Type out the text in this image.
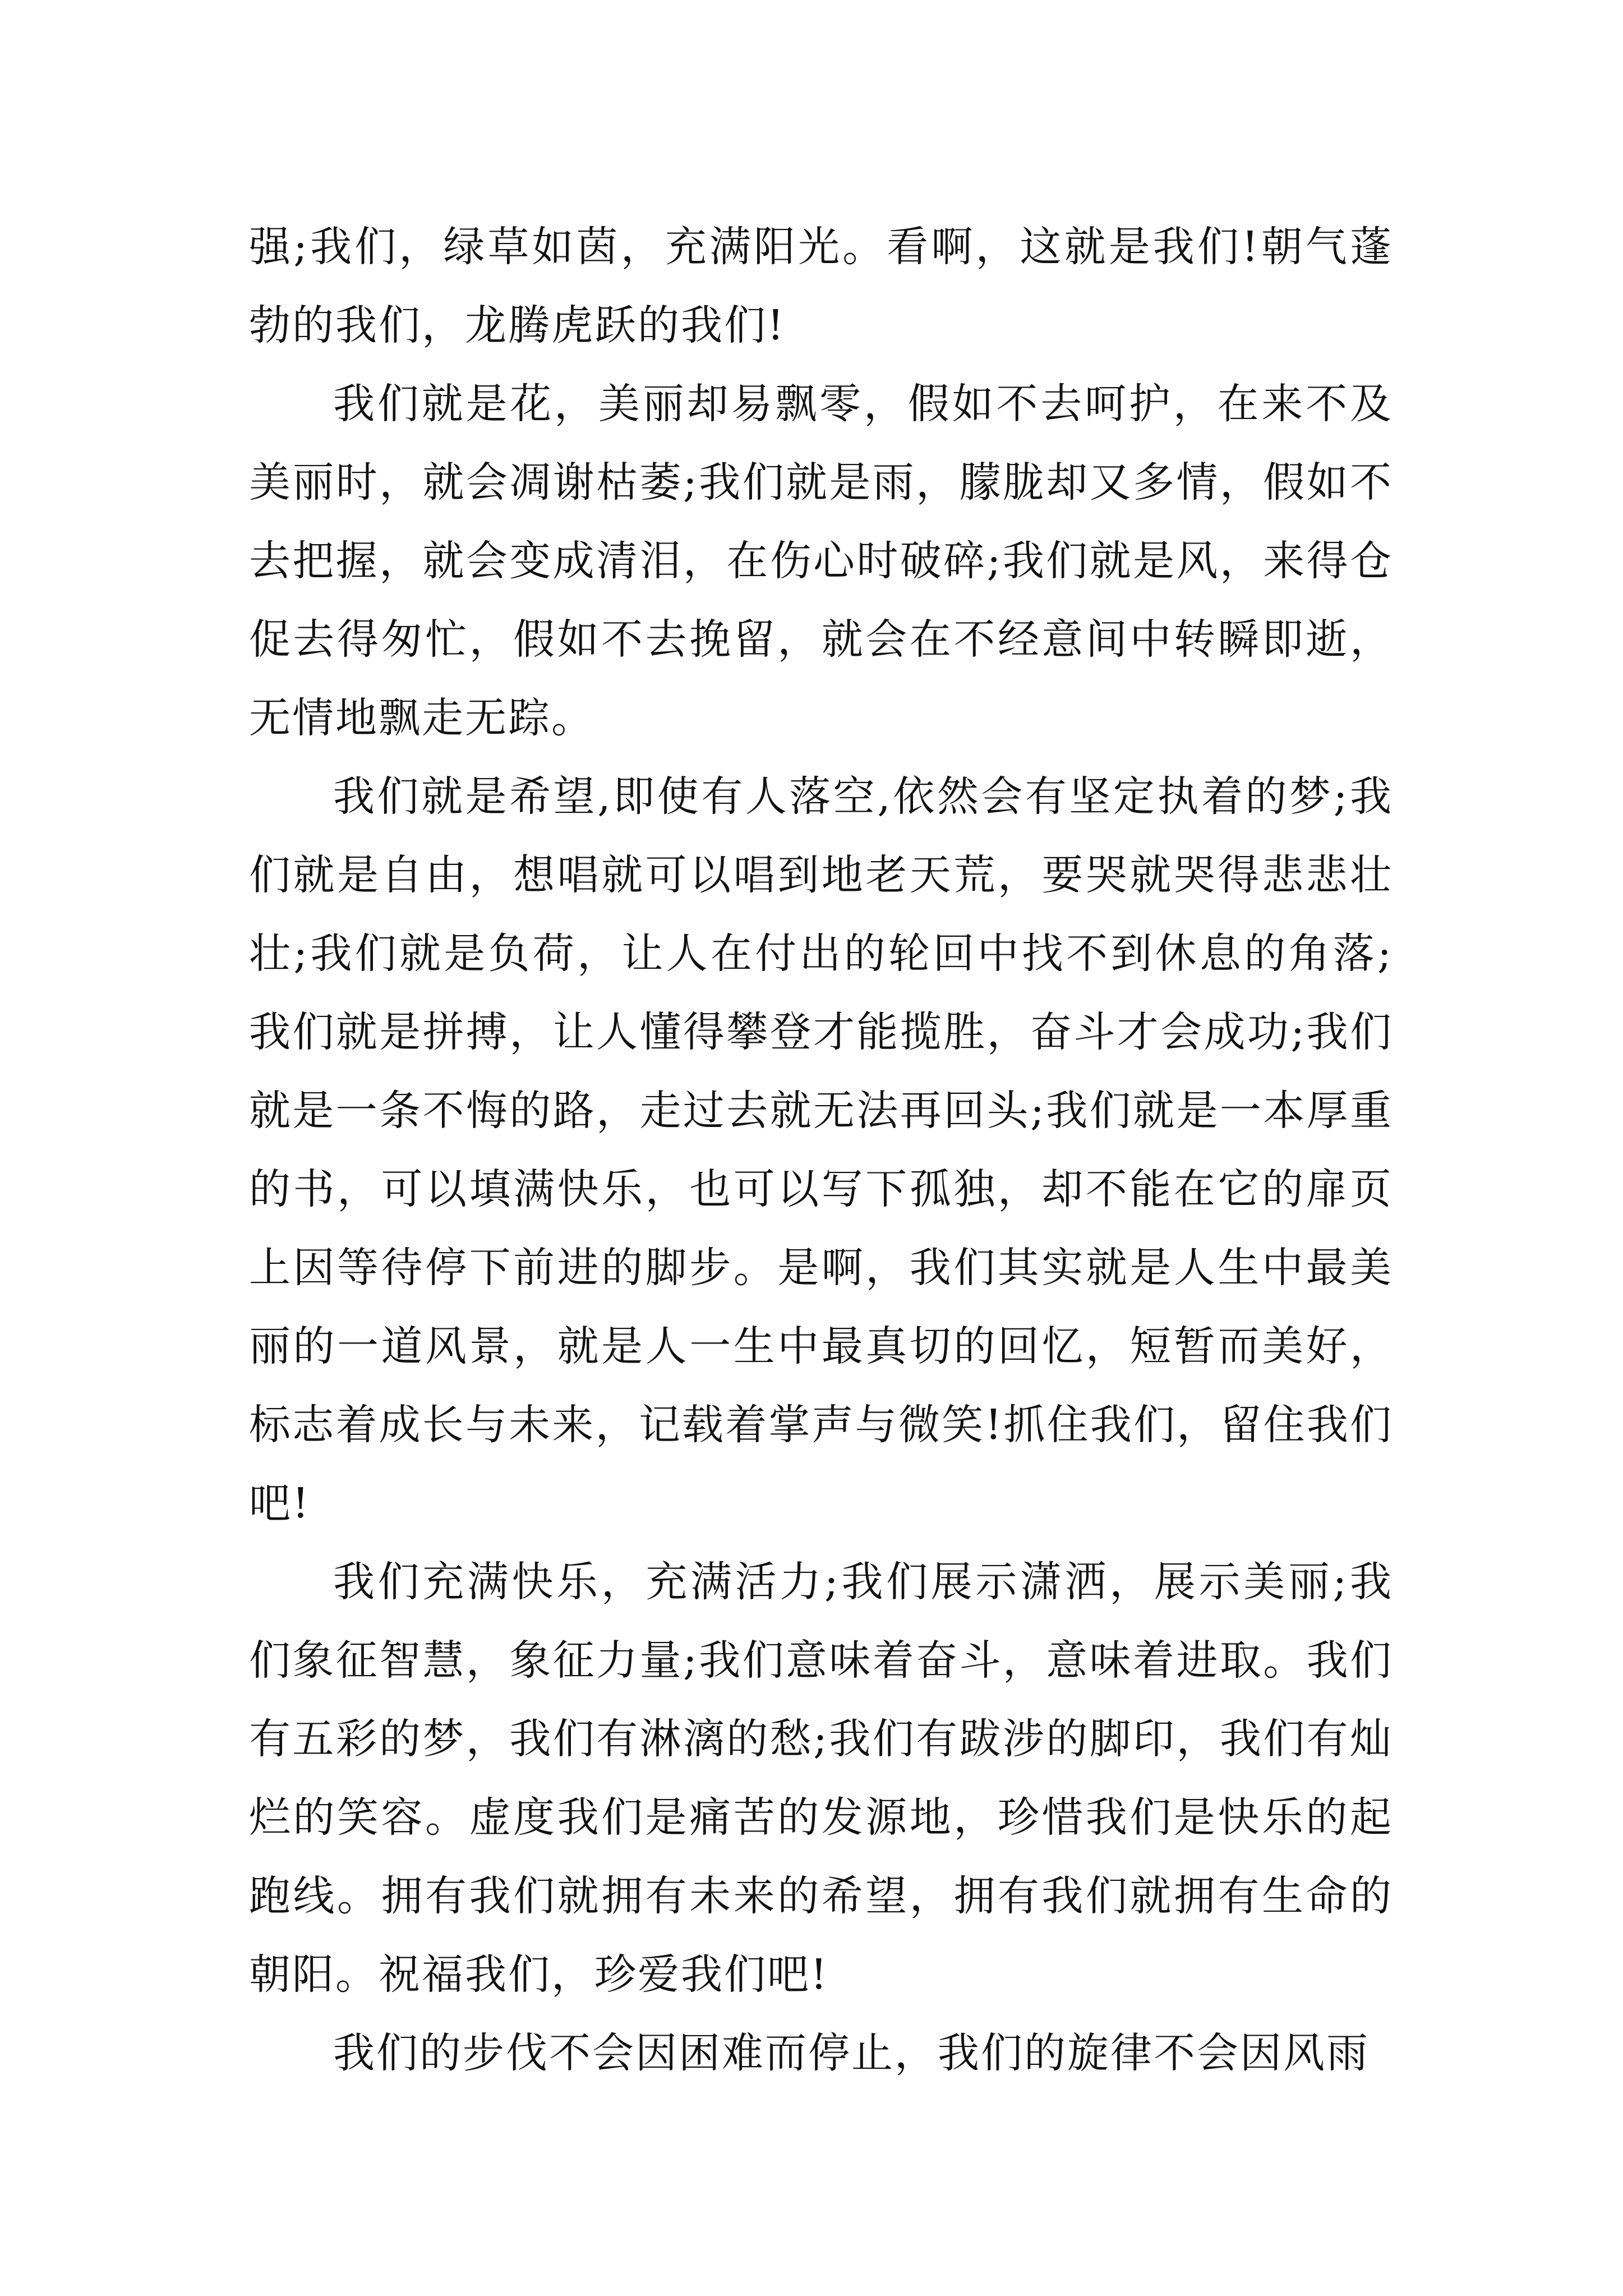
强;我们，绿草如茵，充满阳光。看啊，这就是我们!朝气蓬勃的我们，龙腾虎跃的我们!

我们就是花，美丽却易飘零，假如不去呵护，在来不及美丽时，就会凋谢枯萎;我们就是雨，朦胧却又多情，假如不去把握，就会变成清泪，在伤心时破碎;我们就是风，来得仓促去得匆忙，假如不去挽留，就会在不经意间中转瞬即逝，无情地飘走无踪。

我们就是希望,即使有人落空,依然会有坚定执着的梦;我们就是自由，想唱就可以唱到地老天荒，要哭就哭得悲悲壮壮;我们就是负荷，让人在付出的轮回中找不到休息的角落;我们就是拼搏，让人懂得攀登才能揽胜，奋斗才会成功;我们就是一条不悔的路，走过去就无法再回头;我们就是一本厚重的书，可以填满快乐，也可以写下孤独，却不能在它的扉页上因等待停下前进的脚步。是啊，我们其实就是人生中最美丽的一道风景，就是人一生中最真切的回忆，短暂而美好，标志着成长与未来，记载着掌声与微笑!抓住我们，留住我们吧!

我们充满快乐，充满活力;我们展示潇洒，展示美丽;我们象征智慧，象征力量;我们意味着奋斗，意味着进取。我们有五彩的梦，我们有淋漓的愁;我们有跋涉的脚印，我们有灿烂的笑容。虚度我们是痛苦的发源地，珍惜我们是快乐的起跑线。拥有我们就拥有未来的希望，拥有我们就拥有生命的朝阳。祝福我们，珍爱我们吧!

我们的步伐不会因困难而停止，我们的旋律不会因风雨
